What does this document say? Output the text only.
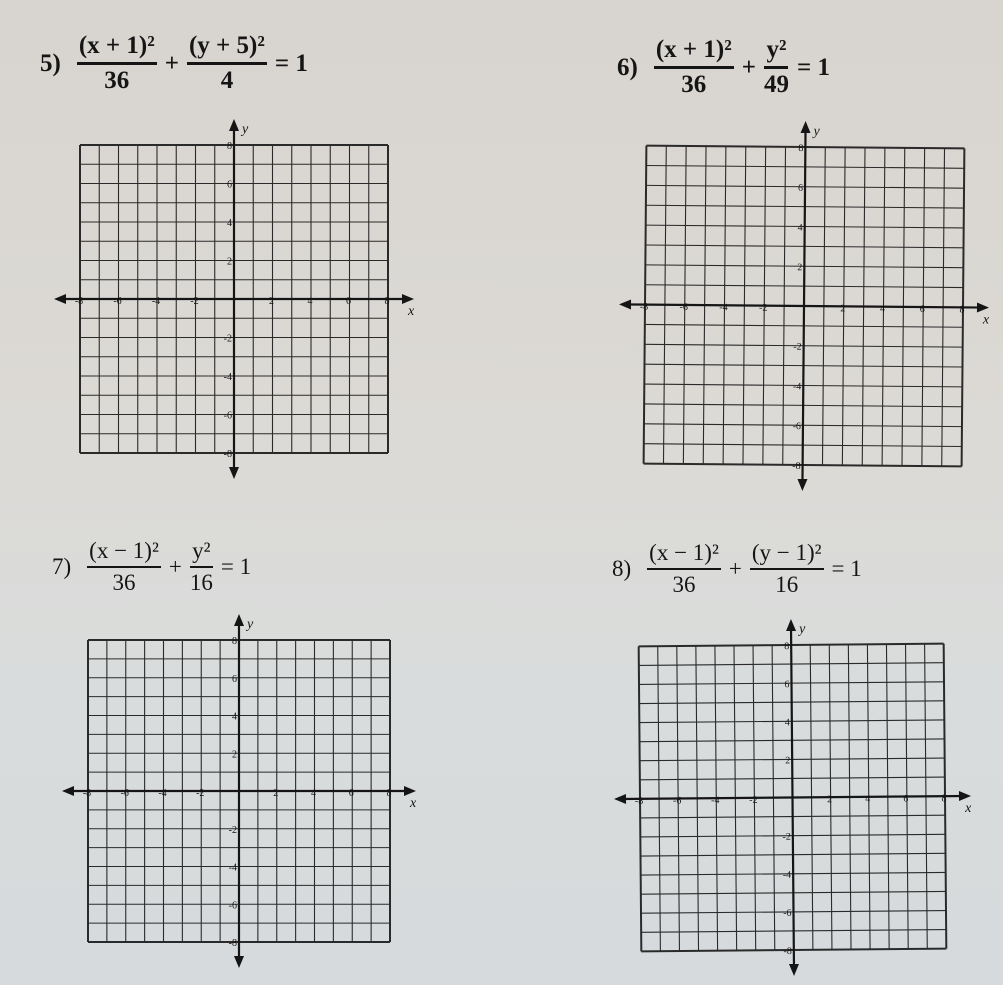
$5) \frac{\text{(x + 1)²}}{36} + \frac{\text{(y + 5)²}}{4} = 1$
x
y
-8	-6	-4	-2	2	4	6	8
8
6
4
2
-2
-4
-6
-8
$6) \frac{\text{(x + 1)²}}{36} + \frac{\text{y²}}{49} = 1$
x
y
-8	-6	-4	-2	2	4	6	8
8
6
4
2
-2
-4
-6
-8
$7) \frac{\text{(x − 1)²}}{36} + \frac{\text{y²}}{16} = 1$
x
y
-8	-6	-4	-2	2	4	6	8
8
6
4
2
-2
-4
-6
-8
$8) \frac{\text{(x − 1)²}}{36} + \frac{\text{(y − 1)²}}{16} = 1$
x
y
-8	-6	-4	-2	2	4	6	8
8
6
4
2
-2
-4
-6
-8
